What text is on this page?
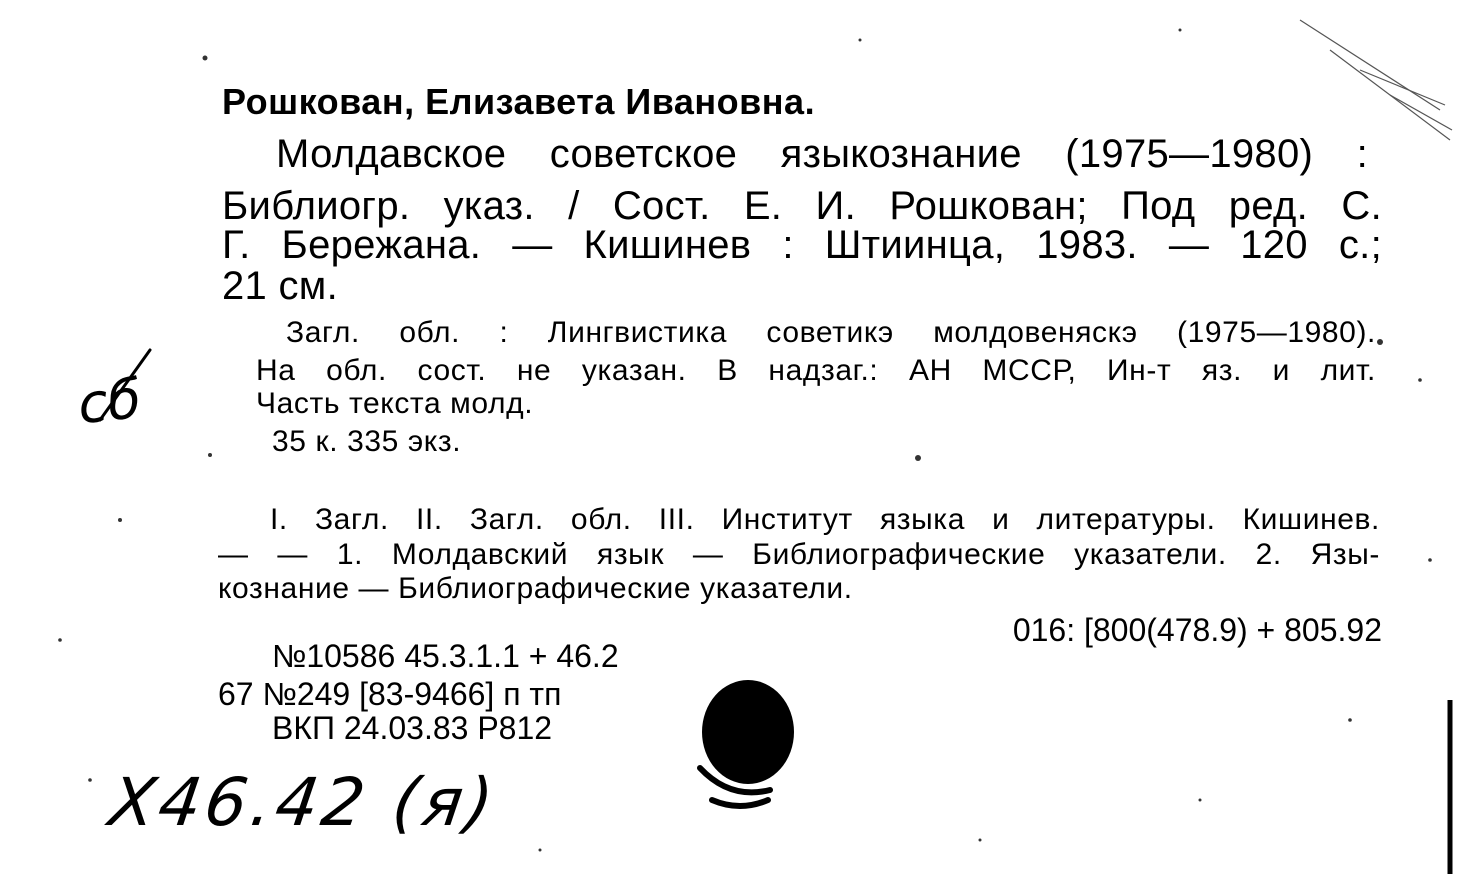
Рошкован, Елизавета Ивановна.
Молдавское советское языкознание (1975—1980) :
Библиогр. указ. / Сост. Е. И. Рошкован; Под ред. С.
Г. Бережана. — Кишинев : Штиинца, 1983. — 120 с.;
21 см.
Загл. обл. : Лингвистика советикэ молдовеняскэ (1975—1980).
На обл. сост. не указан. В надзаг.: АН МССР, Ин-т яз. и лит.
Часть текста молд.
35 к. 335 экз.
I. Загл. II. Загл. обл. III. Институт языка и литературы. Кишинев.
— — 1. Молдавский язык — Библиографические указатели. 2. Язы-
кознание — Библиографические указатели.
016: [800(478.9) + 805.92
№10586 45.3.1.1 + 46.2
67 №249 [83-9466] п тп
ВКП 24.03.83 Р812
сб
Х46.42 (я)
